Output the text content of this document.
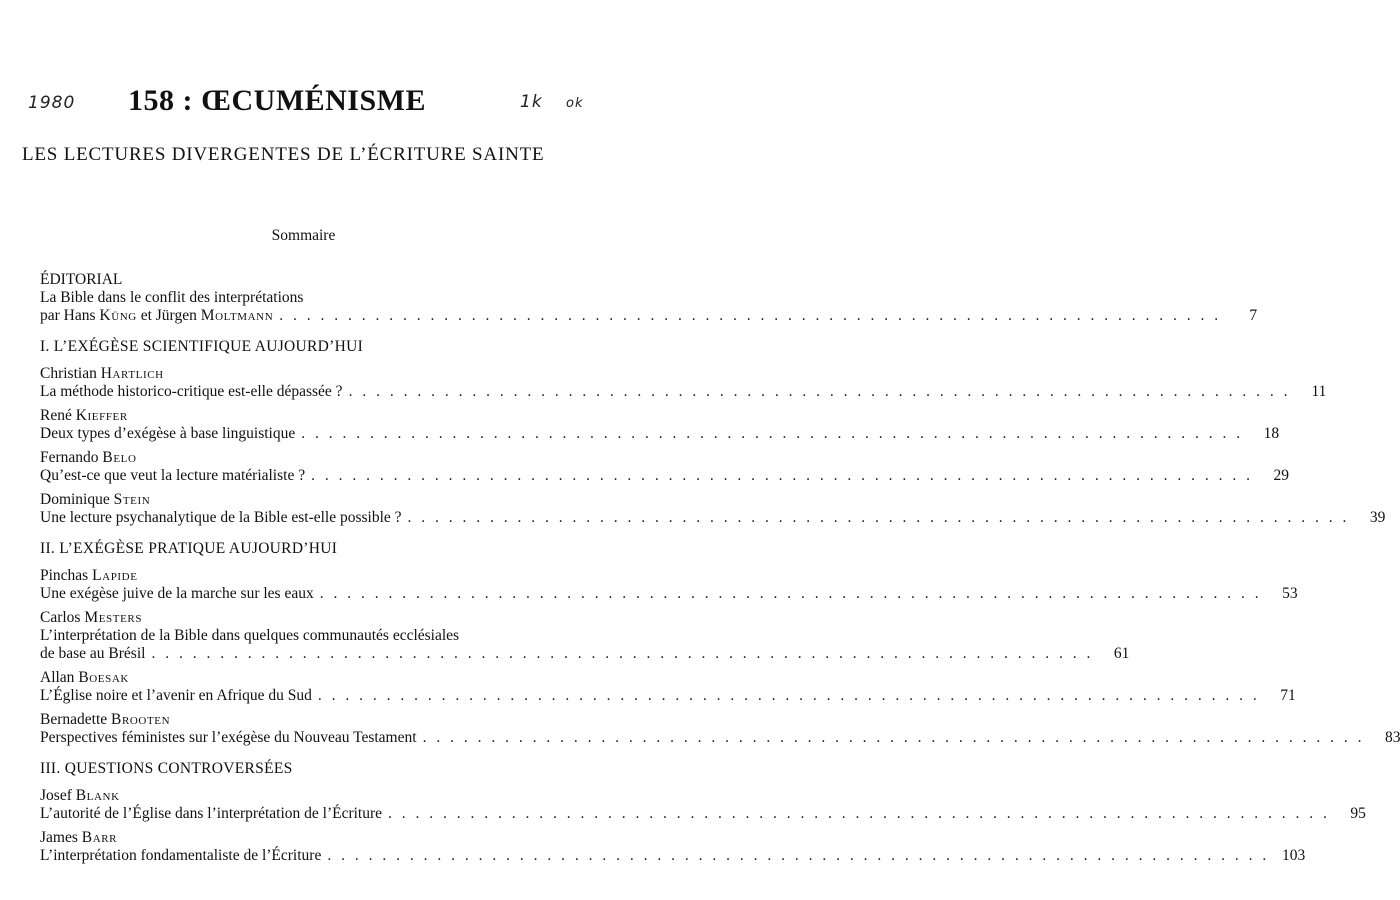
1980	1k ok
158 : ŒCUMÉNISME
LES LECTURES DIVERGENTES DE L’ÉCRITURE SAINTE
Sommaire
ÉDITORIAL
La Bible dans le conflit des interprétations
par Hans Küng et Jürgen Moltmann . . . . . . . . . . . . . . . . . . . . . . . . . . . . . . . . . . . . . . . . . . . . . . . . . . . . . . . . . . . . . . . . . . . . .	7
I. L’EXÉGÈSE SCIENTIFIQUE AUJOURD’HUI
Christian Hartlich
La méthode historico-critique est-elle dépassée ? . . . . . . . . . . . . . . . . . . . . . . . . . . . . . . . . . . . . . . . . . . . . . . . . . . . . . . . . . . . . . . . . . . . . .	11
René Kieffer
Deux types d’exégèse à base linguistique . . . . . . . . . . . . . . . . . . . . . . . . . . . . . . . . . . . . . . . . . . . . . . . . . . . . . . . . . . . . . . . . . . . . .	18
Fernando Belo
Qu’est-ce que veut la lecture matérialiste ? . . . . . . . . . . . . . . . . . . . . . . . . . . . . . . . . . . . . . . . . . . . . . . . . . . . . . . . . . . . . . . . . . . . . .	29
Dominique Stein
Une lecture psychanalytique de la Bible est-elle possible ? . . . . . . . . . . . . . . . . . . . . . . . . . . . . . . . . . . . . . . . . . . . . . . . . . . . . . . . . . . . . . . . . . . . . .	39
II. L’EXÉGÈSE PRATIQUE AUJOURD’HUI
Pinchas Lapide
Une exégèse juive de la marche sur les eaux . . . . . . . . . . . . . . . . . . . . . . . . . . . . . . . . . . . . . . . . . . . . . . . . . . . . . . . . . . . . . . . . . . . . .	53
Carlos Mesters
L’interprétation de la Bible dans quelques communautés ecclésiales
de base au Brésil . . . . . . . . . . . . . . . . . . . . . . . . . . . . . . . . . . . . . . . . . . . . . . . . . . . . . . . . . . . . . . . . . . . . .	61
Allan Boesak
L’Église noire et l’avenir en Afrique du Sud . . . . . . . . . . . . . . . . . . . . . . . . . . . . . . . . . . . . . . . . . . . . . . . . . . . . . . . . . . . . . . . . . . . . .	71
Bernadette Brooten
Perspectives féministes sur l’exégèse du Nouveau Testament . . . . . . . . . . . . . . . . . . . . . . . . . . . . . . . . . . . . . . . . . . . . . . . . . . . . . . . . . . . . . . . . . . . . .	83
III. QUESTIONS CONTROVERSÉES
Josef Blank
L’autorité de l’Église dans l’interprétation de l’Écriture . . . . . . . . . . . . . . . . . . . . . . . . . . . . . . . . . . . . . . . . . . . . . . . . . . . . . . . . . . . . . . . . . . . . .	95
James Barr
L’interprétation fondamentaliste de l’Écriture . . . . . . . . . . . . . . . . . . . . . . . . . . . . . . . . . . . . . . . . . . . . . . . . . . . . . . . . . . . . . . . . . . . . . 103
